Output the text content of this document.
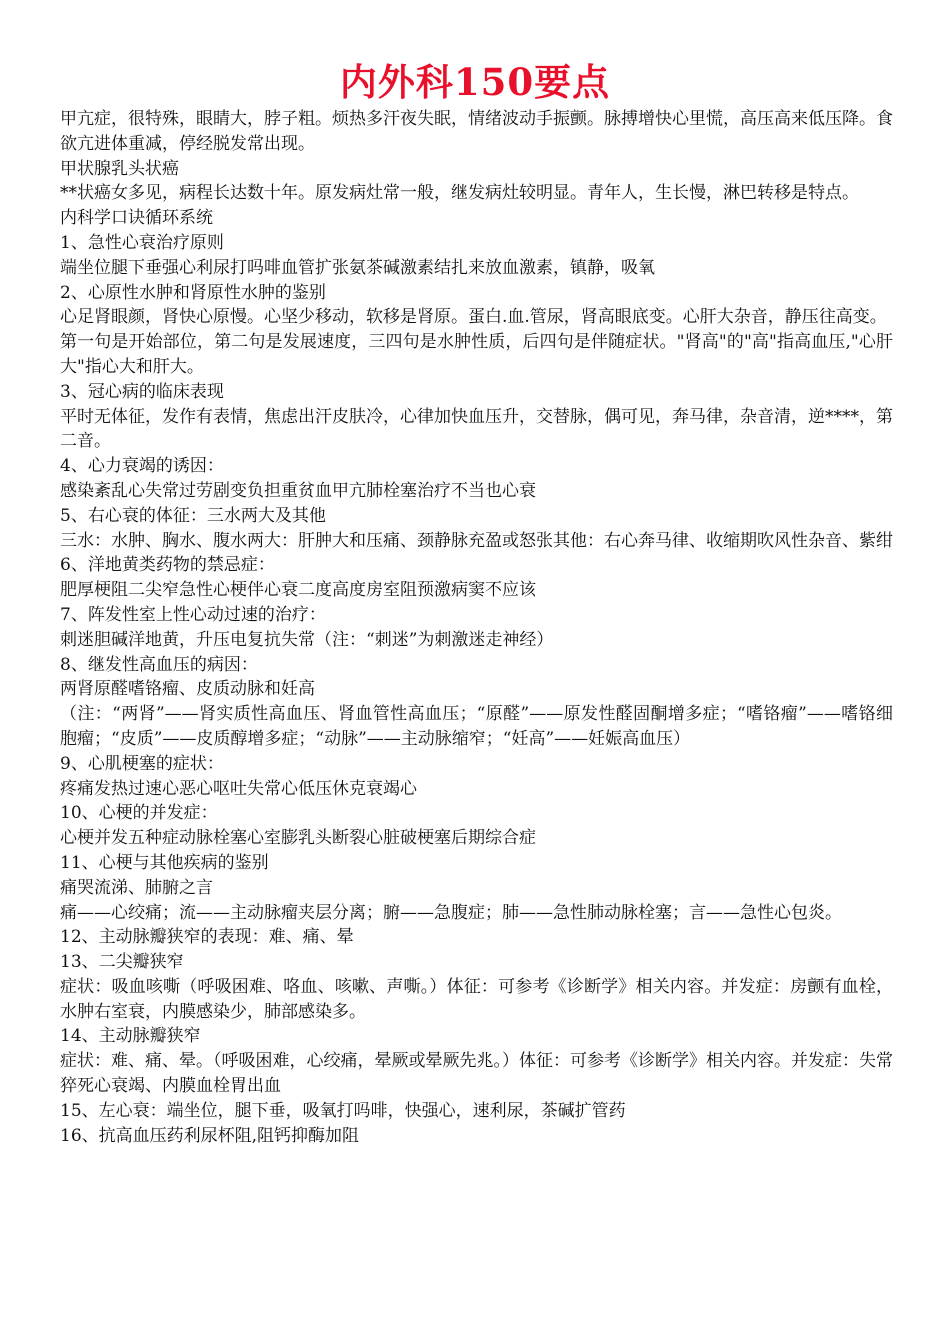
内外科150要点

甲亢症，很特殊，眼睛大，脖子粗。烦热多汗夜失眠，情绪波动手振颤。脉搏增快心里慌，高压高来低压降。食欲亢进体重减，停经脱发常出现。

甲状腺乳头状癌

**状癌女多见，病程长达数十年。原发病灶常一般，继发病灶较明显。青年人，生长慢，淋巴转移是特点。

内科学口诀循环系统

1、急性心衰治疗原则

端坐位腿下垂强心利尿打吗啡血管扩张氨茶碱激素结扎来放血激素，镇静，吸氧

2、心原性水肿和肾原性水肿的鉴别

心足肾眼颜，肾快心原慢。心坚少移动，软移是肾原。蛋白.血.管尿，肾高眼底变。心肝大杂音，静压往高变。

第一句是开始部位，第二句是发展速度，三四句是水肿性质，后四句是伴随症状。"肾高"的"高"指高血压,"心肝大"指心大和肝大。

3、冠心病的临床表现

平时无体征，发作有表情，焦虑出汗皮肤冷，心律加快血压升，交替脉，偶可见，奔马律，杂音清，逆****，第二音。

4、心力衰竭的诱因：

感染紊乱心失常过劳剧变负担重贫血甲亢肺栓塞治疗不当也心衰

5、右心衰的体征：三水两大及其他

三水：水肿、胸水、腹水两大：肝肿大和压痛、颈静脉充盈或怒张其他：右心奔马律、收缩期吹风性杂音、紫绀

6、洋地黄类药物的禁忌症：

肥厚梗阻二尖窄急性心梗伴心衰二度高度房室阻预激病窦不应该

7、阵发性室上性心动过速的治疗：

刺迷胆碱洋地黄，升压电复抗失常（注：“刺迷”为刺激迷走神经）

8、继发性高血压的病因：

两肾原醛嗜铬瘤、皮质动脉和妊高

（注：“两肾”——肾实质性高血压、肾血管性高血压；“原醛”——原发性醛固酮增多症；“嗜铬瘤”——嗜铬细胞瘤；“皮质”——皮质醇增多症；“动脉”——主动脉缩窄；“妊高”——妊娠高血压）

9、心肌梗塞的症状：

疼痛发热过速心恶心呕吐失常心低压休克衰竭心

10、心梗的并发症：

心梗并发五种症动脉栓塞心室膨乳头断裂心脏破梗塞后期综合症

11、心梗与其他疾病的鉴别

痛哭流涕、肺腑之言

痛——心绞痛；流——主动脉瘤夹层分离；腑——急腹症；肺——急性肺动脉栓塞；言——急性心包炎。

12、主动脉瓣狭窄的表现：难、痛、晕

13、二尖瓣狭窄

症状：吸血咳嘶（呼吸困难、咯血、咳嗽、声嘶。）体征：可参考《诊断学》相关内容。并发症：房颤有血栓，水肿右室衰，内膜感染少，肺部感染多。

14、主动脉瓣狭窄

症状：难、痛、晕。（呼吸困难，心绞痛，晕厥或晕厥先兆。）体征：可参考《诊断学》相关内容。并发症：失常猝死心衰竭、内膜血栓胃出血

15、左心衰：端坐位，腿下垂，吸氧打吗啡，快强心，速利尿，茶碱扩管药

16、抗高血压药利尿杯阻,阻钙抑酶加阻
